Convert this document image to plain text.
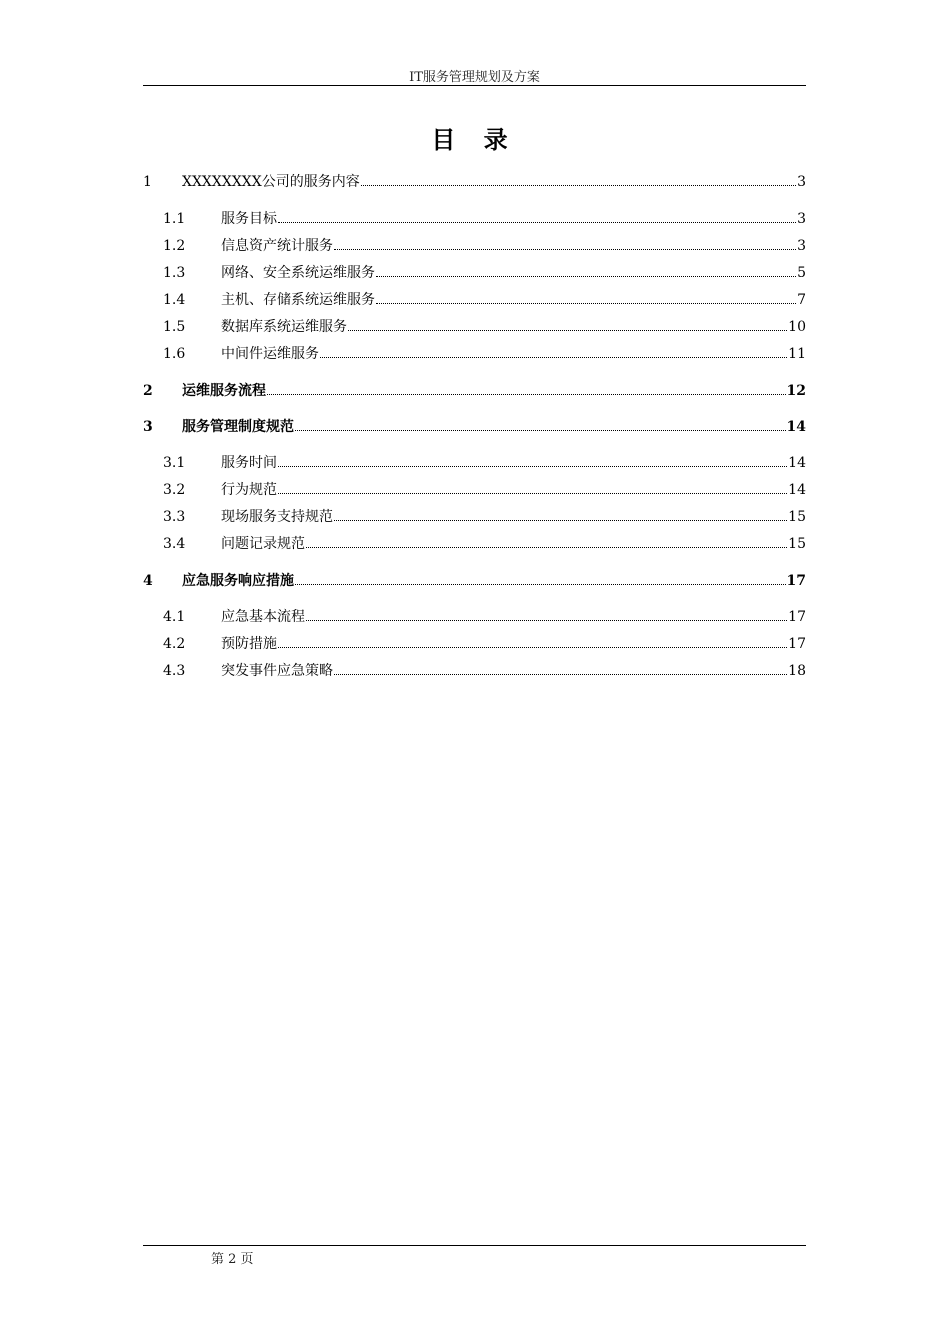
IT服务管理规划及方案
目 录
1	XXXXXXXX公司的服务内容	3
1.1	服务目标	3
1.2	信息资产统计服务	3
1.3	网络、安全系统运维服务	5
1.4	主机、存储系统运维服务	7
1.5	数据库系统运维服务	10
1.6	中间件运维服务	11
2	运维服务流程	12
3	服务管理制度规范	14
3.1	服务时间	14
3.2	行为规范	14
3.3	现场服务支持规范	15
3.4	问题记录规范	15
4	应急服务响应措施	17
4.1	应急基本流程	17
4.2	预防措施	17
4.3	突发事件应急策略	18
第 2 页
